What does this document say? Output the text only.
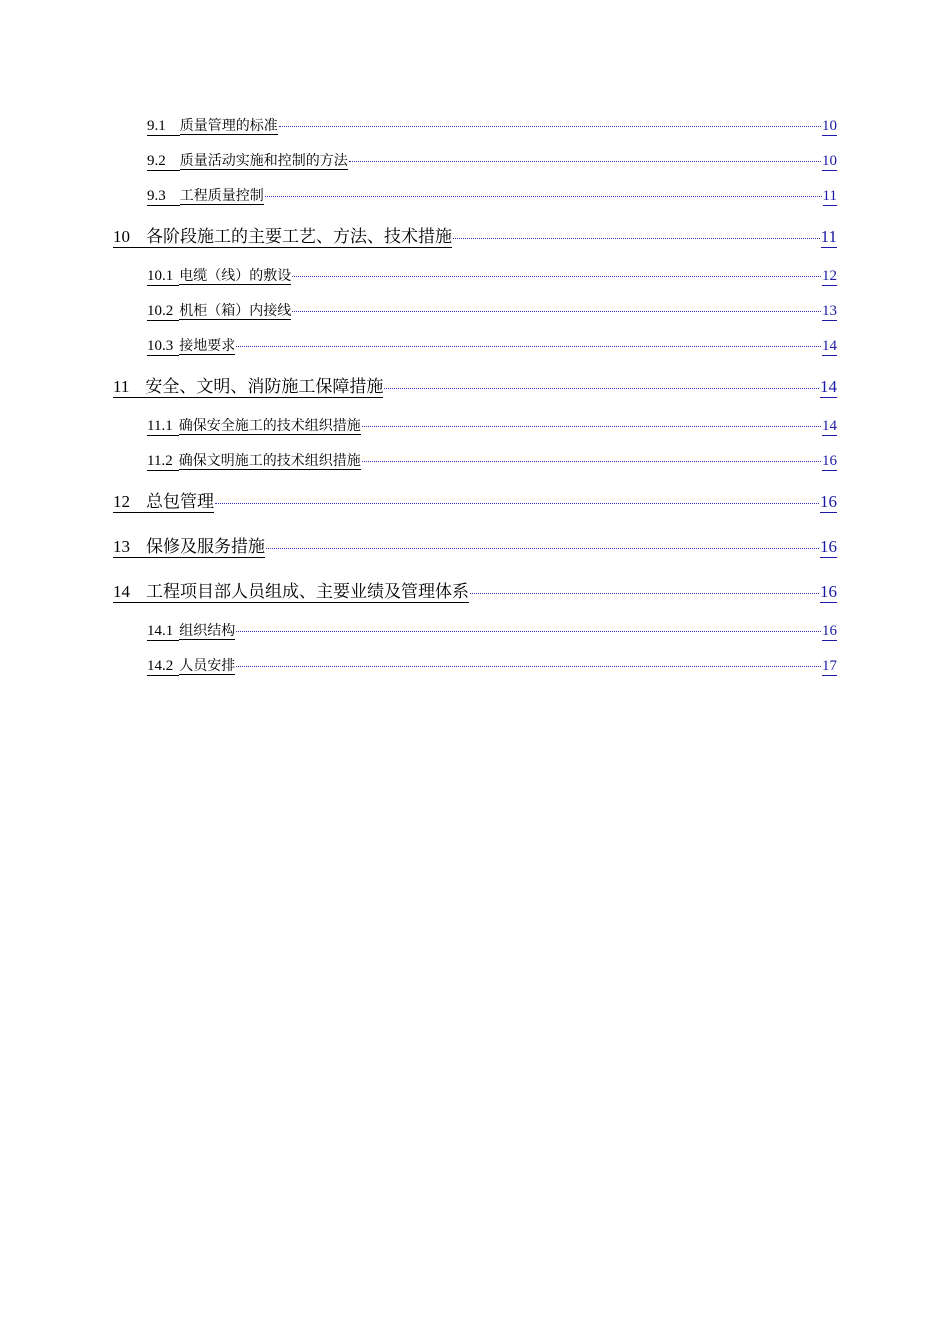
9.1	质量管理的标准	10
9.2	质量活动实施和控制的方法	10
9.3	工程质量控制	11
10 各阶段施工的主要工艺、方法、技术措施	11
10.1 电缆（线）的敷设	12
10.2 机柜（箱）内接线	13
10.3 接地要求	14
11 安全、文明、消防施工保障措施	14
11.1 确保安全施工的技术组织措施	14
11.2 确保文明施工的技术组织措施	16
12 总包管理	16
13 保修及服务措施	16
14 工程项目部人员组成、主要业绩及管理体系	16
14.1 组织结构	16
14.2 人员安排	17
